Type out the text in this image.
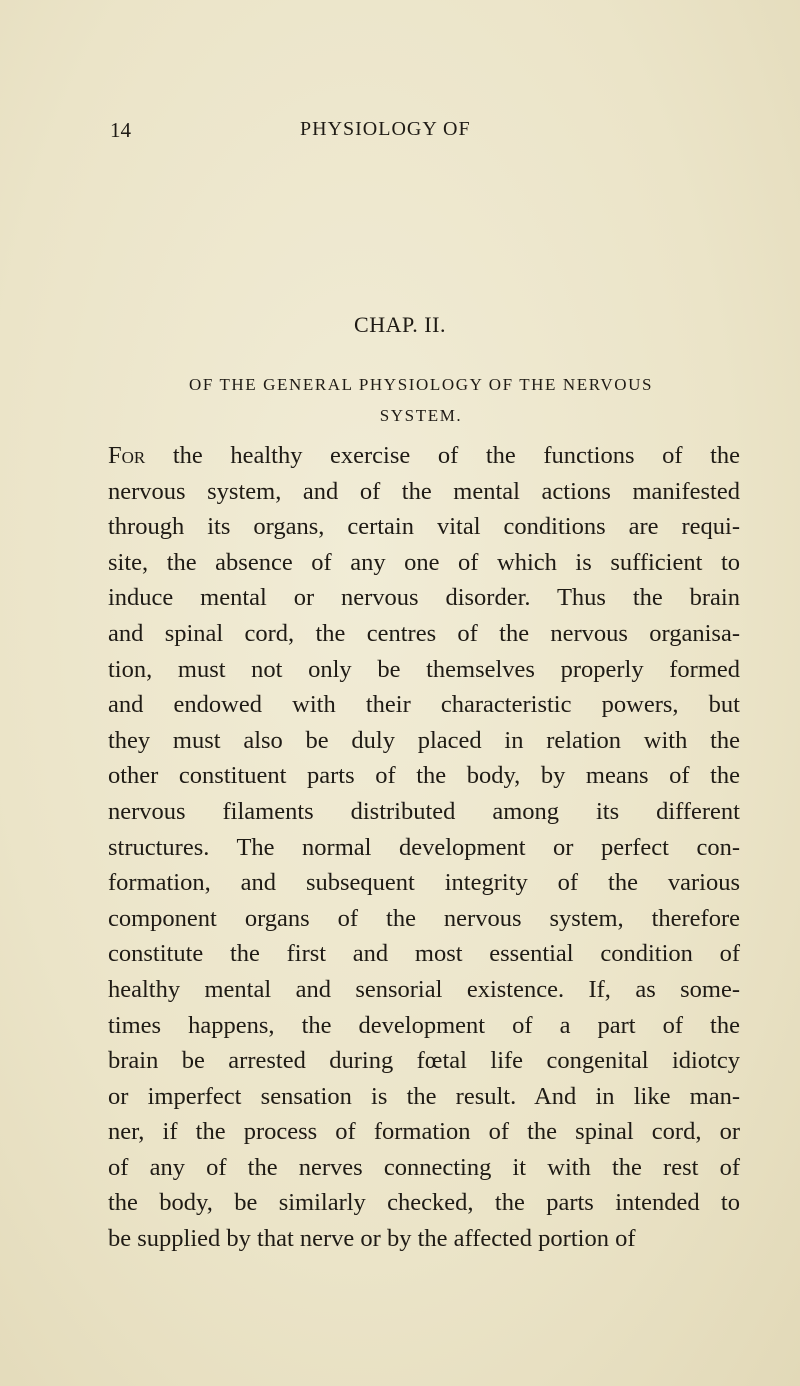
14	PHYSIOLOGY OF
CHAP. II.
OF THE GENERAL PHYSIOLOGY OF THE NERVOUS
SYSTEM.
For the healthy exercise of the functions of the
nervous system, and of the mental actions manifested
through its organs, certain vital conditions are requi-
site, the absence of any one of which is sufficient to
induce mental or nervous disorder. Thus the brain
and spinal cord, the centres of the nervous organisa-
tion, must not only be themselves properly formed
and endowed with their characteristic powers, but
they must also be duly placed in relation with the
other constituent parts of the body, by means of the
nervous filaments distributed among its different
structures. The normal development or perfect con-
formation, and subsequent integrity of the various
component organs of the nervous system, therefore
constitute the first and most essential condition of
healthy mental and sensorial existence. If, as some-
times happens, the development of a part of the
brain be arrested during fœtal life congenital idiotcy
or imperfect sensation is the result. And in like man-
ner, if the process of formation of the spinal cord, or
of any of the nerves connecting it with the rest of
the body, be similarly checked, the parts intended to
be supplied by that nerve or by the affected portion of
